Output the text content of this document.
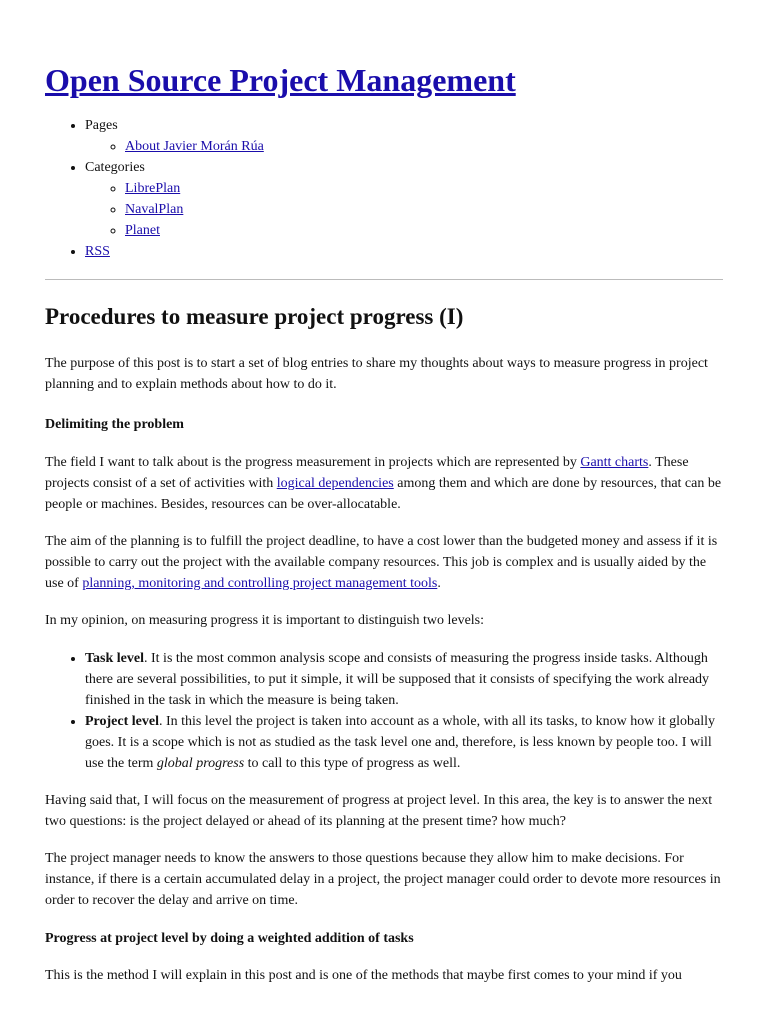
Open Source Project Management
• Pages
◦ About Javier Morán Rúa
• Categories
◦ LibrePlan
◦ NavalPlan
◦ Planet
• RSS
Procedures to measure project progress (I)

The purpose of this post is to start a set of blog entries to share my thoughts about ways to measure progress in project planning and to explain methods about how to do it.

Delimiting the problem

The field I want to talk about is the progress measurement in projects which are represented by Gantt charts. These projects consist of a set of activities with logical dependencies among them and which are done by resources, that can be people or machines. Besides, resources can be over-allocatable.

The aim of the planning is to fulfill the project deadline, to have a cost lower than the budgeted money and assess if it is possible to carry out the project with the available company resources. This job is complex and is usually aided by the use of planning, monitoring and controlling project management tools.

In my opinion, on measuring progress it is important to distinguish two levels:

• Task level. It is the most common analysis scope and consists of measuring the progress inside tasks. Although there are several possibilities, to put it simple, it will be supposed that it consists of specifying the work already finished in the task in which the measure is being taken.
• Project level. In this level the project is taken into account as a whole, with all its tasks, to know how it globally goes. It is a scope which is not as studied as the task level one and, therefore, is less known by people too. I will use the term global progress to call to this type of progress as well.

Having said that, I will focus on the measurement of progress at project level. In this area, the key is to answer the next two questions: is the project delayed or ahead of its planning at the present time? how much?

The project manager needs to know the answers to those questions because they allow him to make decisions. For instance, if there is a certain accumulated delay in a project, the project manager could order to devote more resources in order to recover the delay and arrive on time.

Progress at project level by doing a weighted addition of tasks

This is the method I will explain in this post and is one of the methods that maybe first comes to your mind if you
